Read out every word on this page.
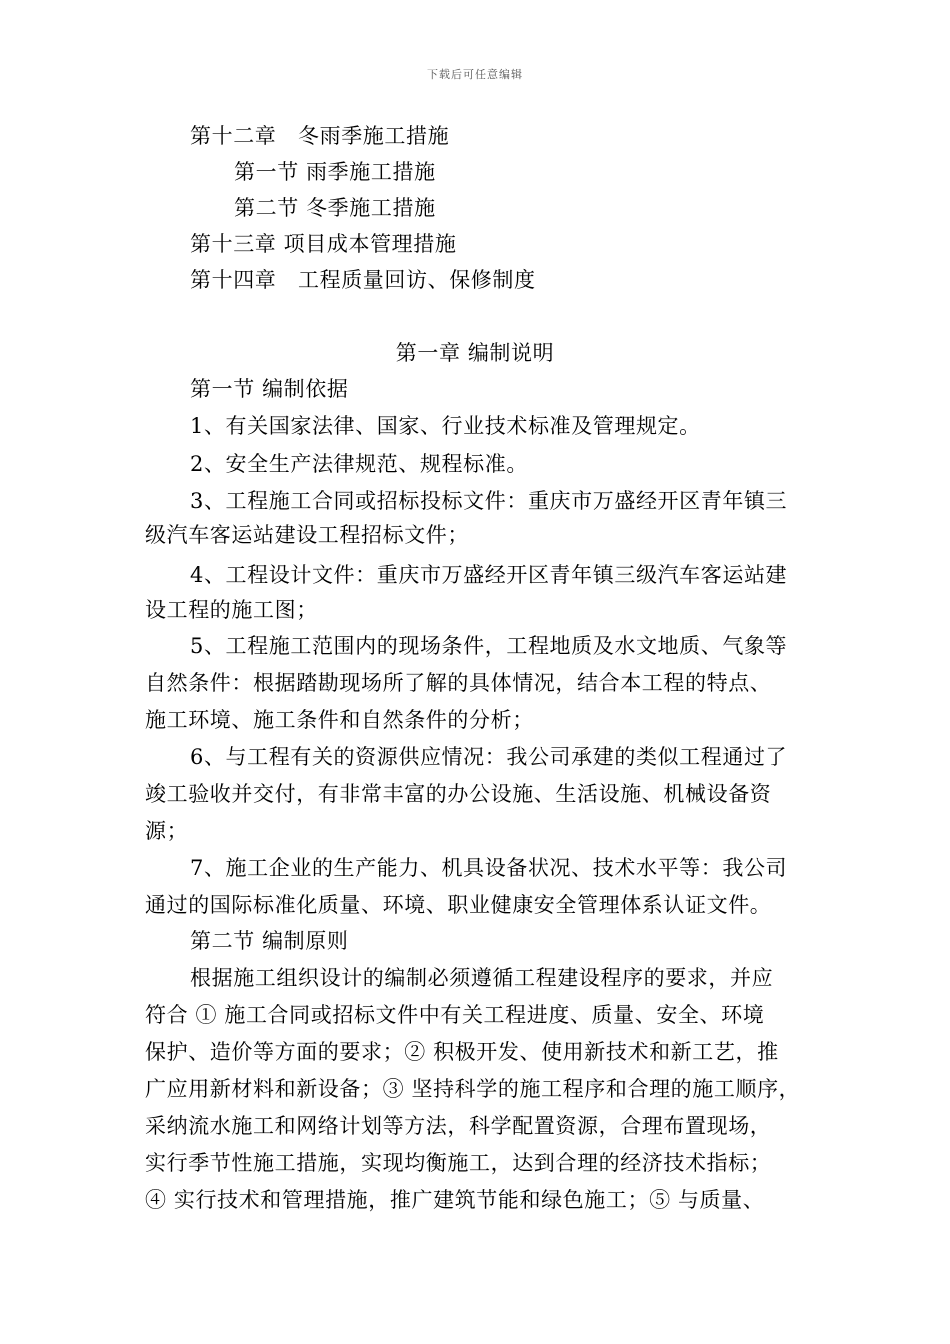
下载后可任意编辑
第十二章　冬雨季施工措施
第一节 雨季施工措施
第二节 冬季施工措施
第十三章 项目成本管理措施
第十四章　工程质量回访、保修制度
第一章 编制说明
第一节 编制依据
1、有关国家法律、国家、行业技术标准及管理规定。
2、安全生产法律规范、规程标准。
3、工程施工合同或招标投标文件：重庆市万盛经开区青年镇三
级汽车客运站建设工程招标文件；
4、工程设计文件：重庆市万盛经开区青年镇三级汽车客运站建
设工程的施工图；
5、工程施工范围内的现场条件，工程地质及水文地质、气象等
自然条件：根据踏勘现场所了解的具体情况，结合本工程的特点、
施工环境、施工条件和自然条件的分析；
6、与工程有关的资源供应情况：我公司承建的类似工程通过了
竣工验收并交付，有非常丰富的办公设施、生活设施、机械设备资
源；
7、施工企业的生产能力、机具设备状况、技术水平等：我公司
通过的国际标准化质量、环境、职业健康安全管理体系认证文件。
第二节 编制原则
根据施工组织设计的编制必须遵循工程建设程序的要求，并应
符合 ① 施工合同或招标文件中有关工程进度、质量、安全、环境
保护、造价等方面的要求；② 积极开发、使用新技术和新工艺，推
广应用新材料和新设备；③ 坚持科学的施工程序和合理的施工顺序，
采纳流水施工和网络计划等方法，科学配置资源，合理布置现场，
实行季节性施工措施，实现均衡施工，达到合理的经济技术指标；
④ 实行技术和管理措施，推广建筑节能和绿色施工；⑤ 与质量、
